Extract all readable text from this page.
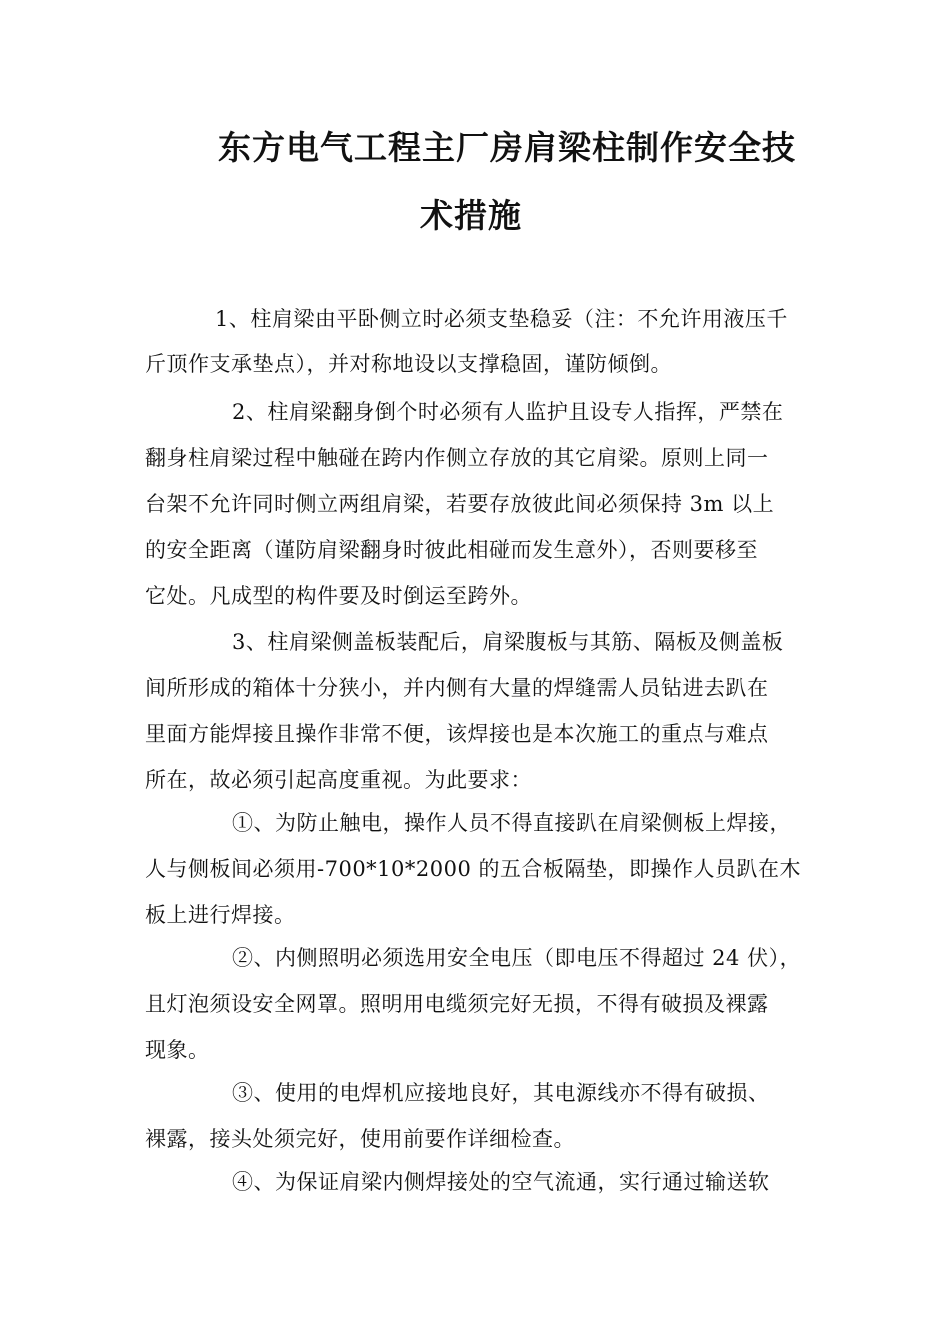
东方电气工程主厂房肩梁柱制作安全技
术措施
1、柱肩梁由平卧侧立时必须支垫稳妥（注：不允许用液压千
斤顶作支承垫点），并对称地设以支撑稳固，谨防倾倒。
2、柱肩梁翻身倒个时必须有人监护且设专人指挥，严禁在
翻身柱肩梁过程中触碰在跨内作侧立存放的其它肩梁。原则上同一
台架不允许同时侧立两组肩梁，若要存放彼此间必须保持 3m 以上
的安全距离（谨防肩梁翻身时彼此相碰而发生意外），否则要移至
它处。凡成型的构件要及时倒运至跨外。
3、柱肩梁侧盖板装配后，肩梁腹板与其筋、隔板及侧盖板
间所形成的箱体十分狭小，并内侧有大量的焊缝需人员钻进去趴在
里面方能焊接且操作非常不便，该焊接也是本次施工的重点与难点
所在，故必须引起高度重视。为此要求：
①、为防止触电，操作人员不得直接趴在肩梁侧板上焊接，
人与侧板间必须用-700*10*2000 的五合板隔垫，即操作人员趴在木
板上进行焊接。
②、内侧照明必须选用安全电压（即电压不得超过 24 伏），
且灯泡须设安全网罩。照明用电缆须完好无损，不得有破损及裸露
现象。
③、使用的电焊机应接地良好，其电源线亦不得有破损、
裸露，接头处须完好，使用前要作详细检查。
④、为保证肩梁内侧焊接处的空气流通，实行通过输送软
